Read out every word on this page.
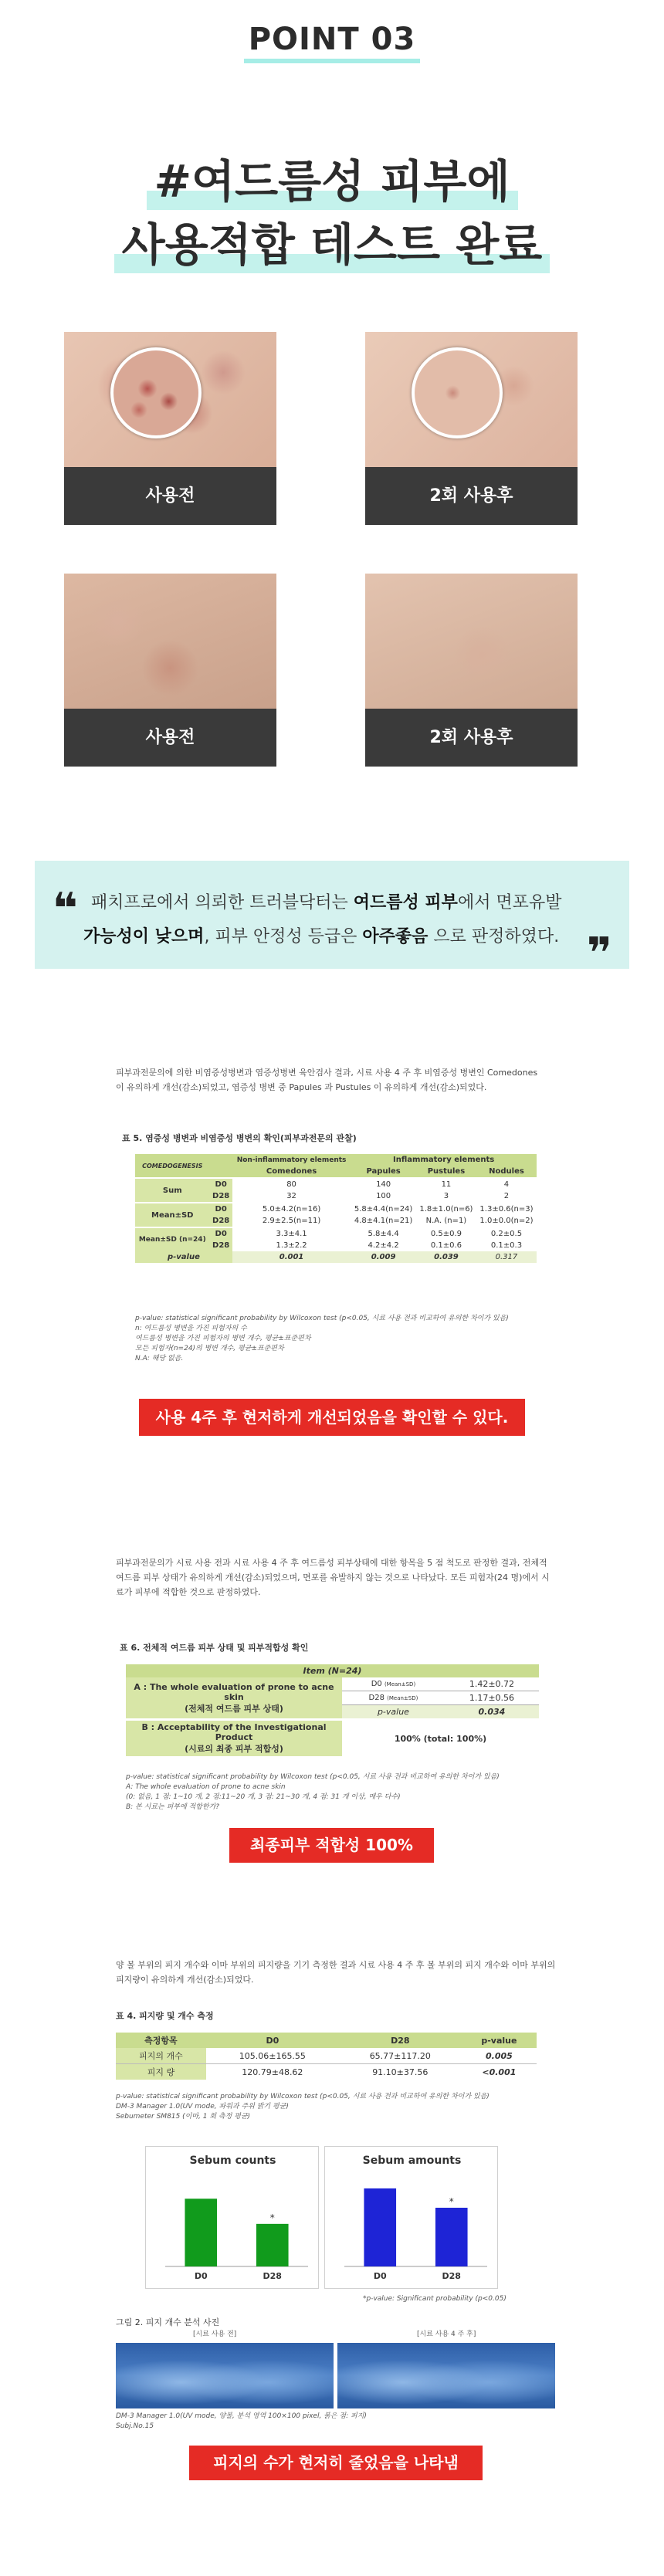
POINT 03
#여드름성 피부에
사용적합 테스트 완료
사용전	2회 사용후
사용전	2회 사용후
❝
❞
패치프로에서 의뢰한 트러블닥터는 여드름성 피부에서 면포유발
가능성이 낮으며, 피부 안정성 등급은 아주좋음 으로 판정하였다.
피부과전문의에 의한 비염증성병변과 염증성병변 육안검사 결과, 시료 사용 4 주 후 비염증성 병변인 Comedones 이 유의하게 개선(감소)되었고, 염증성 병변 중 Papules 과 Pustules 이 유의하게 개선(감소)되었다.
표 5. 염증성 병변과 비염증성 병변의 확인(피부과전문의 관찰)
COMEDOGENESIS		Non-inflammatory elements	Inflammatory elements		
		Comedones	Papules	Pustules	Nodules
Sum	D0	80	140	11	4
	D28	32	100	3	2
Mean±SD	D0	5.0±4.2(n=16)	5.8±4.4(n=24)	1.8±1.0(n=6)	1.3±0.6(n=3)
	D28	2.9±2.5(n=11)	4.8±4.1(n=21)	N.A. (n=1)	1.0±0.0(n=2)
Mean±SD (n=24)	D0	3.3±4.1	5.8±4.4	0.5±0.9	0.2±0.5
	D28	1.3±2.2	4.2±4.2	0.1±0.6	0.1±0.3
p-value		0.001	0.009	0.039	0.317
p-value: statistical significant probability by Wilcoxon test (p<0.05, 시료 사용 전과 비교하여 유의한 차이가 있음)
n: 여드름성 병변을 가진 피험자의 수
여드름성 병변을 가진 피험자의 병변 개수, 평균±표준편차
모든 피험자(n=24)의 병변 개수, 평균±표준편차
N.A: 해당 없음.
사용 4주 후 현저하게 개선되었음을 확인할 수 있다.
피부과전문의가 시료 사용 전과 시료 사용 4 주 후 여드름성 피부상태에 대한 항목을 5 점 척도로 판정한 결과, 전체적 여드름 피부 상태가 유의하게 개선(감소)되었으며, 면포를 유발하지 않는 것으로 나타났다. 모든 피험자(24 명)에서 시료가 피부에 적합한 것으로 판정하였다.
표 6. 전체적 여드름 피부 상태 및 피부적합성 확인
Item (N=24)		

A : The whole evaluation of prone to acne skin
(전체적 여드름 피부 상태)	D0 (Mean±SD)	1.42±0.72
	D28 (Mean±SD)	1.17±0.56
	p-value	0.034

B : Acceptability of the Investigational Product
(시료의 최종 피부 적합성)	100% (total: 100%)	
p-value: statistical significant probability by Wilcoxon test (p<0.05, 시료 사용 전과 비교하여 유의한 차이가 있음)
A: The whole evaluation of prone to acne skin
(0: 없음, 1 점: 1~10 개, 2 점:11~20 개, 3 점: 21~30 개, 4 점: 31 개 이상, 매우 다수)
B: 본 시료는 피부에 적합한가?
최종피부 적합성 100%
양 볼 부위의 피지 개수와 이마 부위의 피지량을 기기 측정한 결과 시료 사용 4 주 후 볼 부위의 피지 개수와 이마 부위의 피지량이 유의하게 개선(감소)되었다.
표 4. 피지량 및 개수 측정
측정항목	D0	D28	p-value
피지의 개수	105.06±165.55	65.77±117.20	0.005
피지 량	120.79±48.62	91.10±37.56	<0.001
p-value: statistical significant probability by Wilcoxon test (p<0.05, 시료 사용 전과 비교하여 유의한 차이가 있음)
DM-3 Manager 1.0(UV mode, 파워과 주위 밝기 평균)
Sebumeter SM815 (이마, 1 회 측정 평균)
Sebum counts
D0	D28
*
Sebum amounts
D0	D28
*
*p-value: Significant probability (p<0.05)
그림 2. 피지 개수 분석 사진
[시료 사용 전]	[시료 사용 4 주 후]
DM-3 Manager 1.0(UV mode, 양볼, 분석 영역 100×100 pixel, 붉은 점: 피지)
Subj.No.15
피지의 수가 현저히 줄었음을 나타냄
